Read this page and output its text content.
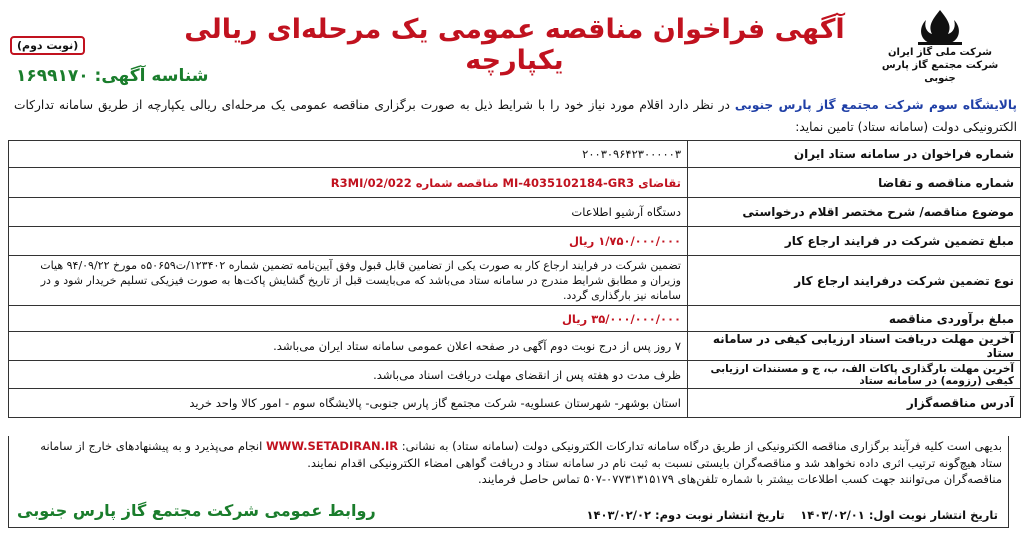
شرکت ملی گاز ایران
شرکت مجتمع گاز پارس جنوبی
آگهی فراخوان مناقصه عمومی یک مرحله‌ای ریالی یکپارچه
(نوبت دوم)
شناسه آگهی: ۱۶۹۹۱۷۰
پالایشگاه سوم شرکت مجتمع گاز پارس جنوبی در نظر دارد اقلام مورد نیاز خود را با شرایط ذیل به صورت برگزاری مناقصه عمومی یک مرحله‌ای ریالی یکپارچه از طریق سامانه تدارکات الکترونیکی دولت (سامانه ستاد) تامین نماید:
شماره فراخوان در سامانه ستاد ایران	۲۰۰۳۰۹۶۴۲۳۰۰۰۰۰۳
شماره مناقصه و تقاضا	تقاضای MI-4035102184-GR3 مناقصه شماره 02/022/R3MI
موضوع مناقصه/ شرح مختصر اقلام درخواستی	دستگاه آرشیو اطلاعات
مبلغ تضمین شرکت در فرایند ارجاع کار	۱/۷۵۰/۰۰۰/۰۰۰ ریال
نوع تضمین شرکت درفرایند ارجاع کار	تضمین شرکت در فرایند ارجاع کار به صورت یکی از تضامین قابل قبول وفق آیین‌نامه تضمین شماره ۱۲۳۴۰۲/ت۵۰۶۵۹ه مورخ ۹۴/۰۹/۲۲ هیات وزیران و مطابق شرایط مندرج در سامانه ستاد می‌باشد که می‌بایست قبل از تاریخ گشایش پاکت‌ها به صورت فیزیکی تسلیم خریدار شود و در سامانه نیز بارگذاری گردد.
مبلغ برآوردی مناقصه	۳۵/۰۰۰/۰۰۰/۰۰۰ ریال
آخرین مهلت دریافت اسناد ارزیابی کیفی در سامانه ستاد	۷ روز پس از درج نوبت دوم آگهی در صفحه اعلان عمومی سامانه ستاد ایران می‌باشد.
آخرین مهلت بارگذاری پاکات الف، ب، ج و مستندات ارزیابی کیفی (رزومه) در سامانه ستاد	ظرف مدت دو هفته پس از انقضای مهلت دریافت اسناد می‌باشد.
آدرس مناقصه‌گزار	استان بوشهر- شهرستان عسلویه- شرکت مجتمع گاز پارس جنوبی- پالایشگاه سوم - امور کالا واحد خرید
بدیهی است کلیه فرآیند برگزاری مناقصه الکترونیکی از طریق درگاه سامانه تدارکات الکترونیکی دولت (سامانه ستاد) به نشانی: WWW.SETADIRAN.IR انجام می‌پذیرد و به پیشنهادهای خارج از سامانه ستاد هیچ‌گونه ترتیب اثری داده نخواهد شد و مناقصه‌گران بایستی نسبت به ثبت نام در سامانه ستاد و دریافت گواهی امضاء الکترونیکی اقدام نمایند.
مناقصه‌گران می‌توانند جهت کسب اطلاعات بیشتر با شماره تلفن‌های ۰۷۷۳۱۳۱۵۱۷۹-۵۰۷ تماس حاصل فرمایند.
تاریخ انتشار نوبت اول: ۱۴۰۳/۰۲/۰۱ تاریخ انتشار نوبت دوم: ۱۴۰۳/۰۲/۰۲
روابط عمومی شرکت مجتمع گاز پارس جنوبی
